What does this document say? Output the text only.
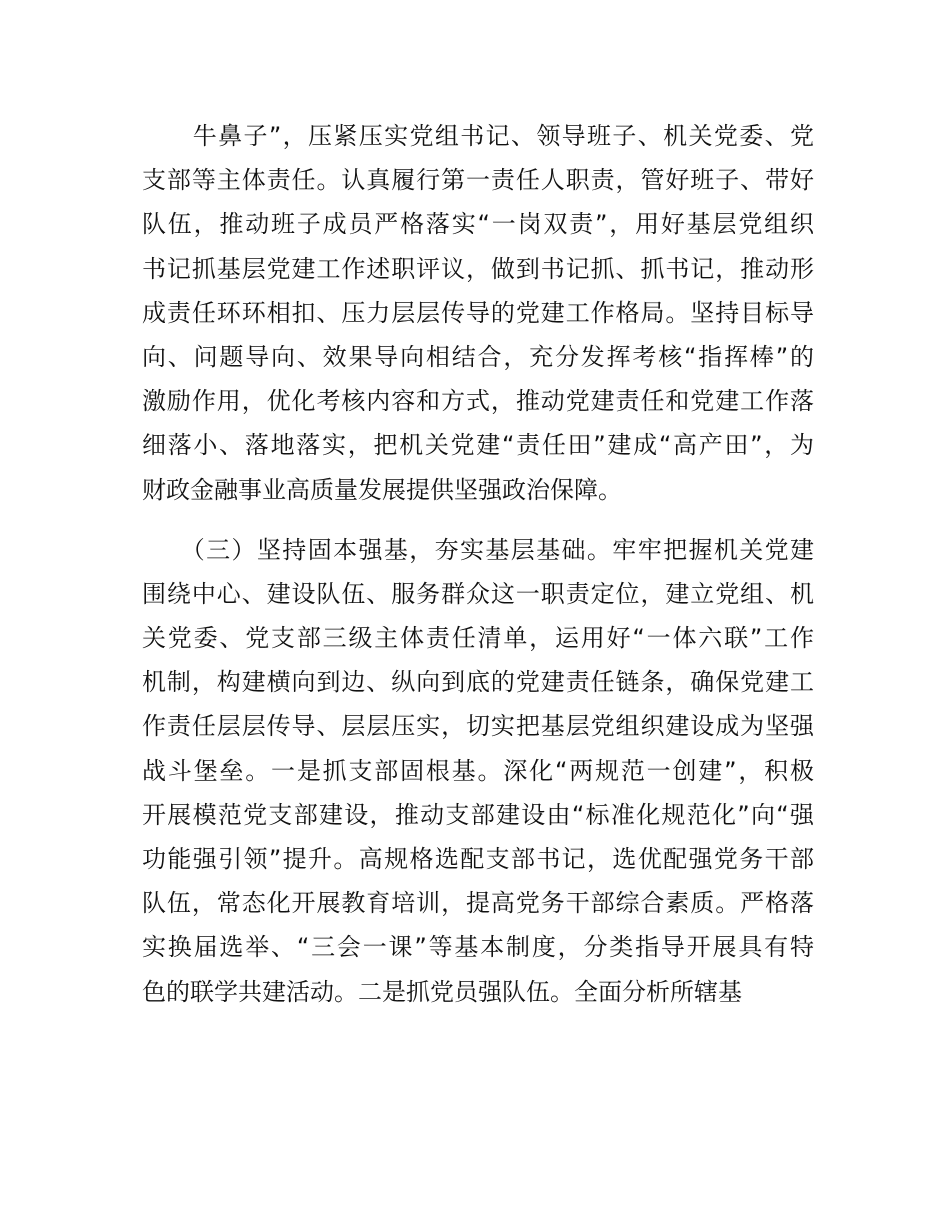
　　牛鼻子”，压紧压实党组书记、领导班子、机关党委、党
支部等主体责任。认真履行第一责任人职责，管好班子、带好
队伍，推动班子成员严格落实“一岗双责”，用好基层党组织
书记抓基层党建工作述职评议，做到书记抓、抓书记，推动形
成责任环环相扣、压力层层传导的党建工作格局。坚持目标导
向、问题导向、效果导向相结合，充分发挥考核“指挥棒”的
激励作用，优化考核内容和方式，推动党建责任和党建工作落
细落小、落地落实，把机关党建“责任田”建成“高产田”，为
财政金融事业高质量发展提供坚强政治保障。
　　（三）坚持固本强基，夯实基层基础。牢牢把握机关党建
围绕中心、建设队伍、服务群众这一职责定位，建立党组、机
关党委、党支部三级主体责任清单，运用好“一体六联”工作
机制，构建横向到边、纵向到底的党建责任链条，确保党建工
作责任层层传导、层层压实，切实把基层党组织建设成为坚强
战斗堡垒。一是抓支部固根基。深化“两规范一创建”，积极
开展模范党支部建设，推动支部建设由“标准化规范化”向“强
功能强引领”提升。高规格选配支部书记，选优配强党务干部
队伍，常态化开展教育培训，提高党务干部综合素质。严格落
实换届选举、“三会一课”等基本制度，分类指导开展具有特
色的联学共建活动。二是抓党员强队伍。全面分析所辖基
